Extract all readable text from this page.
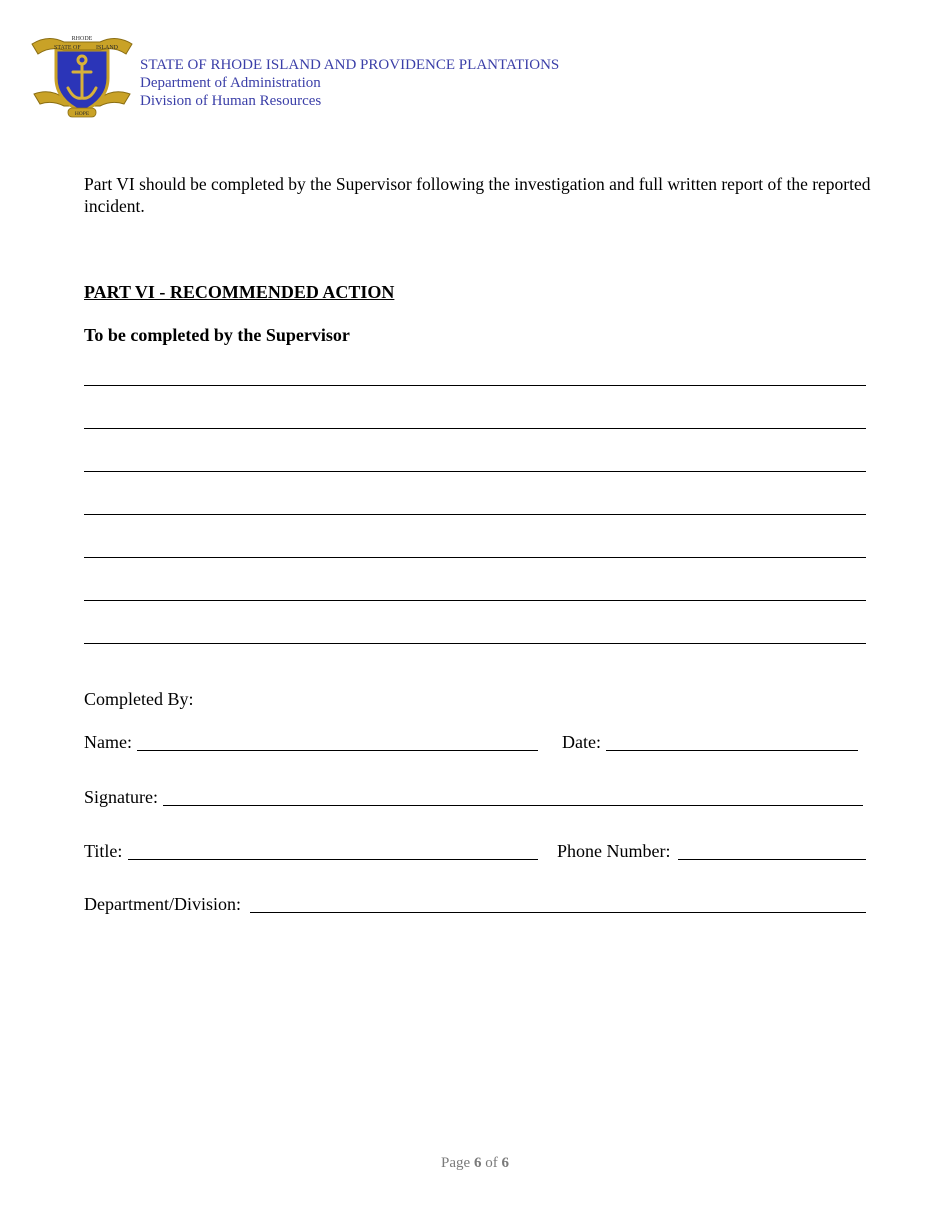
STATE OF
RHODE
ISLAND
HOPE
STATE OF RHODE ISLAND AND PROVIDENCE PLANTATIONS
Department of Administration
Division of Human Resources
Part VI should be completed by the Supervisor following the investigation and full written report of the reported incident.
PART VI - RECOMMENDED ACTION
To be completed by the Supervisor
Completed By:
Name:	Date:
Signature:
Title:	Phone Number:
Department/Division:
Page 6 of 6
